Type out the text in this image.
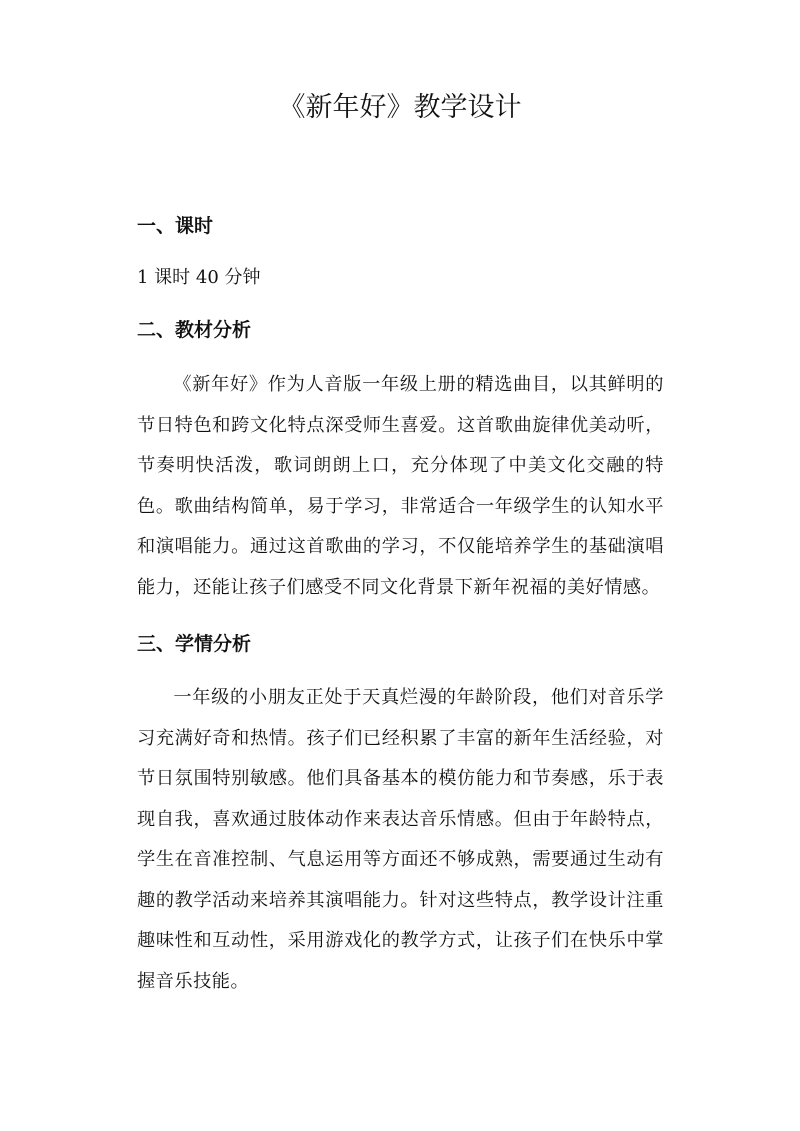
《新年好》教学设计
一、课时

1 课时 40 分钟

二、教材分析

《新年好》作为人音版一年级上册的精选曲目，以其鲜明的节日特色和跨文化特点深受师生喜爱。这首歌曲旋律优美动听，节奏明快活泼，歌词朗朗上口，充分体现了中美文化交融的特色。歌曲结构简单，易于学习，非常适合一年级学生的认知水平和演唱能力。通过这首歌曲的学习，不仅能培养学生的基础演唱能力，还能让孩子们感受不同文化背景下新年祝福的美好情感。

三、学情分析

一年级的小朋友正处于天真烂漫的年龄阶段，他们对音乐学习充满好奇和热情。孩子们已经积累了丰富的新年生活经验，对节日氛围特别敏感。他们具备基本的模仿能力和节奏感，乐于表现自我，喜欢通过肢体动作来表达音乐情感。但由于年龄特点，学生在音准控制、气息运用等方面还不够成熟，需要通过生动有趣的教学活动来培养其演唱能力。针对这些特点，教学设计注重趣味性和互动性，采用游戏化的教学方式，让孩子们在快乐中掌握音乐技能。
